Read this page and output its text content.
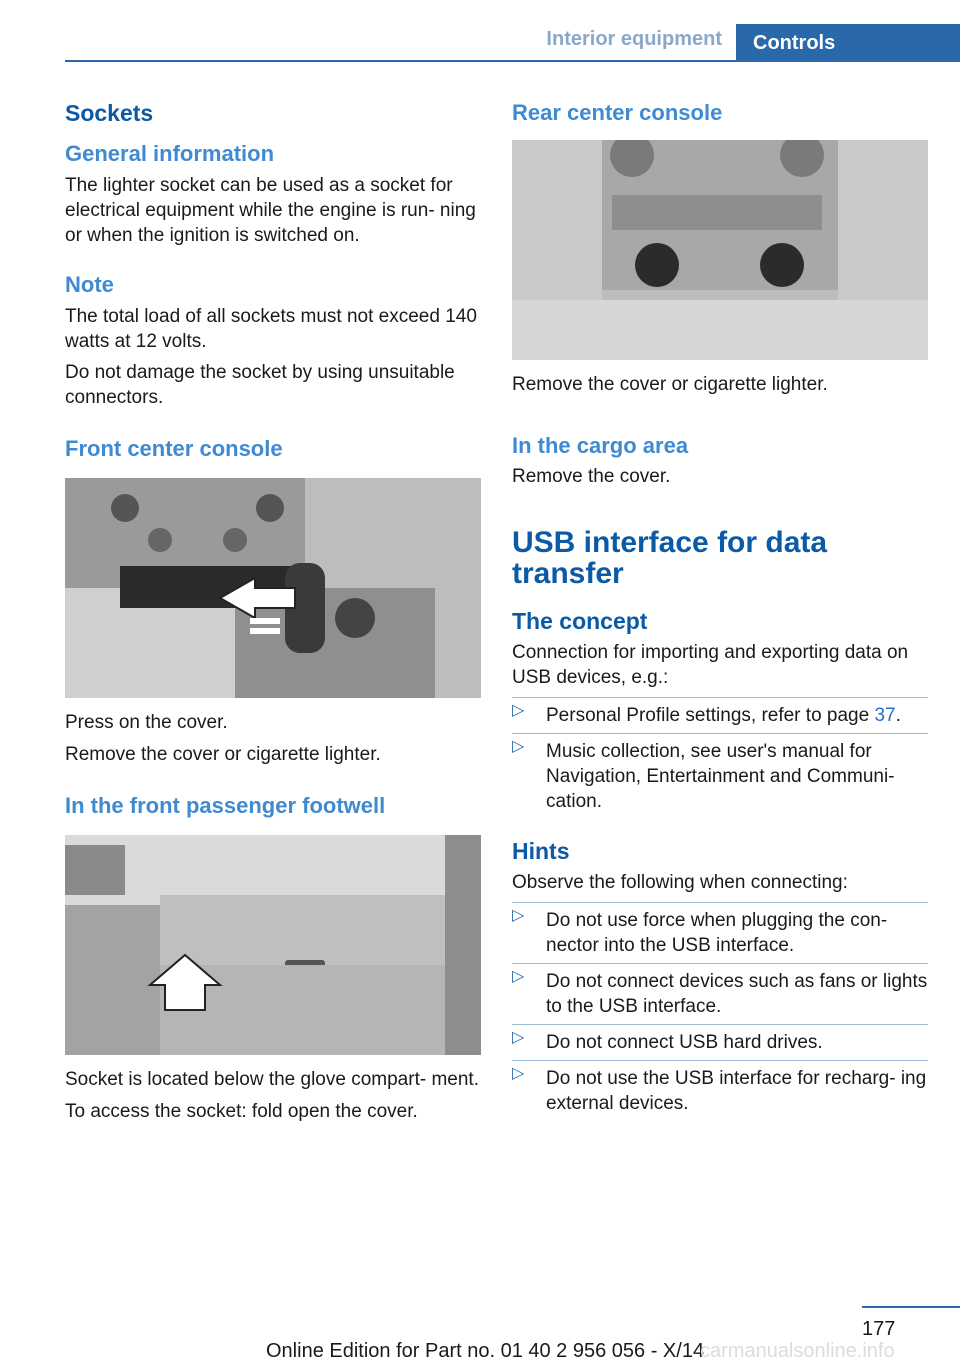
Interior equipment	Controls
Sockets
General information

The lighter socket can be used as a socket for electrical equipment while the engine is run‐ ning or when the ignition is switched on.

Note

The total load of all sockets must not exceed 140 watts at 12 volts.

Do not damage the socket by using unsuitable connectors.

Front center console

Press on the cover.

Remove the cover or cigarette lighter.

In the front passenger footwell

Socket is located below the glove compart‐ ment.

To access the socket: fold open the cover.

Rear center console

Remove the cover or cigarette lighter.

In the cargo area

Remove the cover.

USB interface for data transfer
The concept

Connection for importing and exporting data on USB devices, e.g.:

▷ Personal Profile settings, refer to page 37.
▷ Music collection, see user's manual for Navigation, Entertainment and Communi‐ cation.
Hints

Observe the following when connecting:

▷ Do not use force when plugging the con‐ nector into the USB interface.
▷ Do not connect devices such as fans or lights to the USB interface.
▷ Do not connect USB hard drives.
▷ Do not use the USB interface for recharg‐ ing external devices.
177
Online Edition for Part no. 01 40 2 956 056 - X/14
carmanualsonline.info
